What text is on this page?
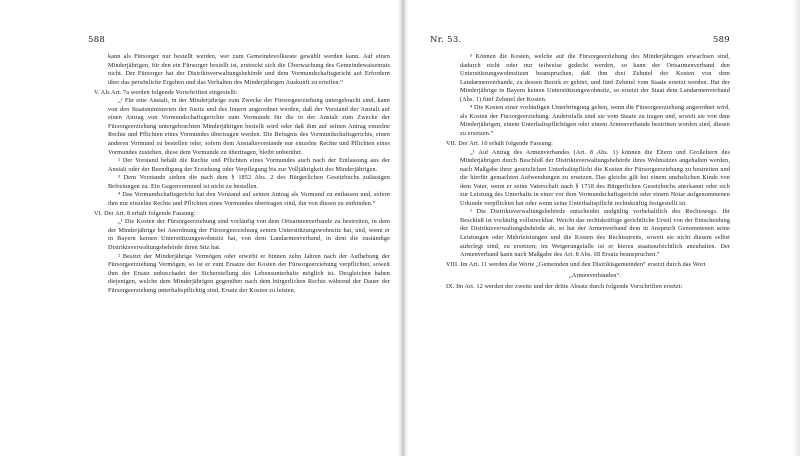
588

kann als Fürsorger nur bestellt werden, wer zum Gemeindevolksrate gewählt werden kann. Auf einen Minderjährigen, für den ein Fürsorger bestellt ist, erstreckt sich die Überwachung des Gemeindewaisenrats nicht. Der Fürsorger hat der Distriktsverwaltungsbehörde und dem Vormundschaftsgericht auf Erfordern über das persönliche Ergehen und das Verhalten des Minderjährigen Auskunft zu erteilen.“

V. Als Art. 7a werden folgende Vorschriften eingestellt:

„¹ Für eine Anstalt, in der Minderjährige zum Zwecke der Fürsorgeerziehung untergebracht sind, kann von den Staatsministerien der Justiz und des Innern angeordnet werden, daß der Vorstand der Anstalt auf einen Antrag von Vormundschaftsgerichte zum Vormunde für die in der Anstalt zum Zwecke der Fürsorgeerziehung untergebrachten Minderjährigen bestellt wird oder daß ihm auf seinen Antrag einzelne Rechte und Pflichten eines Vormundes übertragen werden. Die Befugnis des Vormundschaftsgerichts, einen anderen Vormund zu bestellen oder, sofern dem Anstaltsvorstande nur einzelne Rechte und Pflichten eines Vormundes zustehen, diese dem Vormunde zu übertragen, bleibt unberührt.

² Der Vorstand behält die Rechte und Pflichten eines Vormundes auch nach der Entlassung aus der Anstalt oder der Beendigung der Erziehung oder Verpflegung bis zur Volljährigkeit des Minderjährigen.

³ Dem Vorstande stehen die nach dem § 1852 Abs. 2 des Bürgerlichen Gesetzbuchs zulässigen Befreiungen zu. Ein Gegenvormund ist nicht zu bestellen.

⁴ Das Vormundschaftsgericht hat den Vorstand auf seinen Antrag als Vormund zu entlassen und, sofern ihm nur einzelne Rechte und Pflichten eines Vormundes übertragen sind, ihn von diesen zu entbinden.“

VI. Der Art. 8 erhält folgende Fassung:

„¹ Die Kosten der Fürsorgeerziehung sind vorläufig von dem Ortsarmenverbande zu bestreiten, in dem der Minderjährige bei Anordnung der Fürsorgeerziehung seinen Unterstützungswohnsitz hat, und, wenn er in Bayern keinen Unterstützungswohnsitz hat, von dem Landarmenverband, in dem die zuständige Distriktsverwaltungsbehörde ihren Sitz hat.

² Besitzt der Minderjährige Vermögen oder erwirbt er binnen zehn Jahren nach der Aufhebung der Fürsorgeerziehung Vermögen, so ist er zum Ersatze der Kosten der Fürsorgeerziehung verpflichtet, soweit ihm der Ersatz unbeschadet der Sicherstellung des Lebensunterhalts möglich ist. Desgleichen haben diejenigen, welche dem Minderjährigen gegenüber nach dem bürgerlichen Rechte während der Dauer der Fürsorgeerziehung unterhaltspflichtig sind, Ersatz der Kosten zu leisten.

Nr. 53.	589

³ Können die Kosten, welche auf die Fürsorgeerziehung des Minderjährigen erwachsen sind, dadurch nicht oder nur teilweise gedeckt werden, so kann der Ortsarmenverband den Unterstützungswohnsitzen beanspruchen, daß ihm drei Zehntel der Kosten von dem Landarmenverbande, zu dessen Bezirk er gehört, und fünf Zehntel vom Staate ersetzt werden. Hat der Minderjährige in Bayern keinen Unterstützungswohnsitz, so ersetzt der Staat dem Landarmenverband (Abs. 1) fünf Zehntel der Kosten.

⁴ Die Kosten einer vorläufigen Unterbringung gelten, wenn die Fürsorgeerziehung angeordnet wird, als Kosten der Fürsorgeerziehung. Andernfalls sind sie vom Staate zu tragen und, soweit sie von dem Minderjährigen, einem Unterhaltspflichtigen oder einem Armenverbande bestritten worden sind, diesen zu ersetzen.“

VII. Der Art. 10 erhält folgende Fassung:

„¹ Auf Antrag des Armenverbandes (Art. 8 Abs. 1) können die Eltern und Großeltern des Minderjährigen durch Beschluß der Distriktsverwaltungsbehörde ihres Wohnsitzes angehalten werden, nach Maßgabe ihrer gesetzlichen Unterhaltspflicht die Kosten der Fürsorgeerziehung zu bestreiten und die hierfür gemachten Aufwendungen zu ersetzen. Das gleiche gilt bei einem unehelichen Kinde von dem Vater, wenn er seine Vaterschaft nach § 1718 des Bürgerlichen Gesetzbuchs anerkannt oder sich zur Leistung des Unterhalts in einer vor dem Vormundschaftsgericht oder einem Notar aufgenommenen Urkunde verpflichtet hat oder wenn seine Unterhaltspflicht rechtskräftig festgestellt ist.

² Die Distriktsverwaltungsbehörde entscheidet endgültig vorbehaltlich des Rechtswegs. Ihr Beschluß ist vorläufig vollstreckbar. Weicht das rechtskräftige gerichtliche Urteil von der Entscheidung der Distriktsverwaltungsbehörde ab, so hat der Armenverband dem in Anspruch Genommenen seine Leistungen oder Mehrleistungen und die Kosten des Rechtsstreits, soweit sie nicht diesem selbst auferlegt sind, zu ersetzen; im Weigerungsfalle ist er hierzu staatsaufsichtlich anzuhalten. Der Armenverband kann nach Maßgabe des Art. 8 Abs. III Ersatz beanspruchen.“

VIII. Im Art. 11 werden die Worte „Gemeinden und den Distriktsgemeinden“ ersetzt durch das Wort

„Armenverbänden“.

IX. Im Art. 12 werden der zweite und der dritte Absatz durch folgende Vorschriften ersetzt:
